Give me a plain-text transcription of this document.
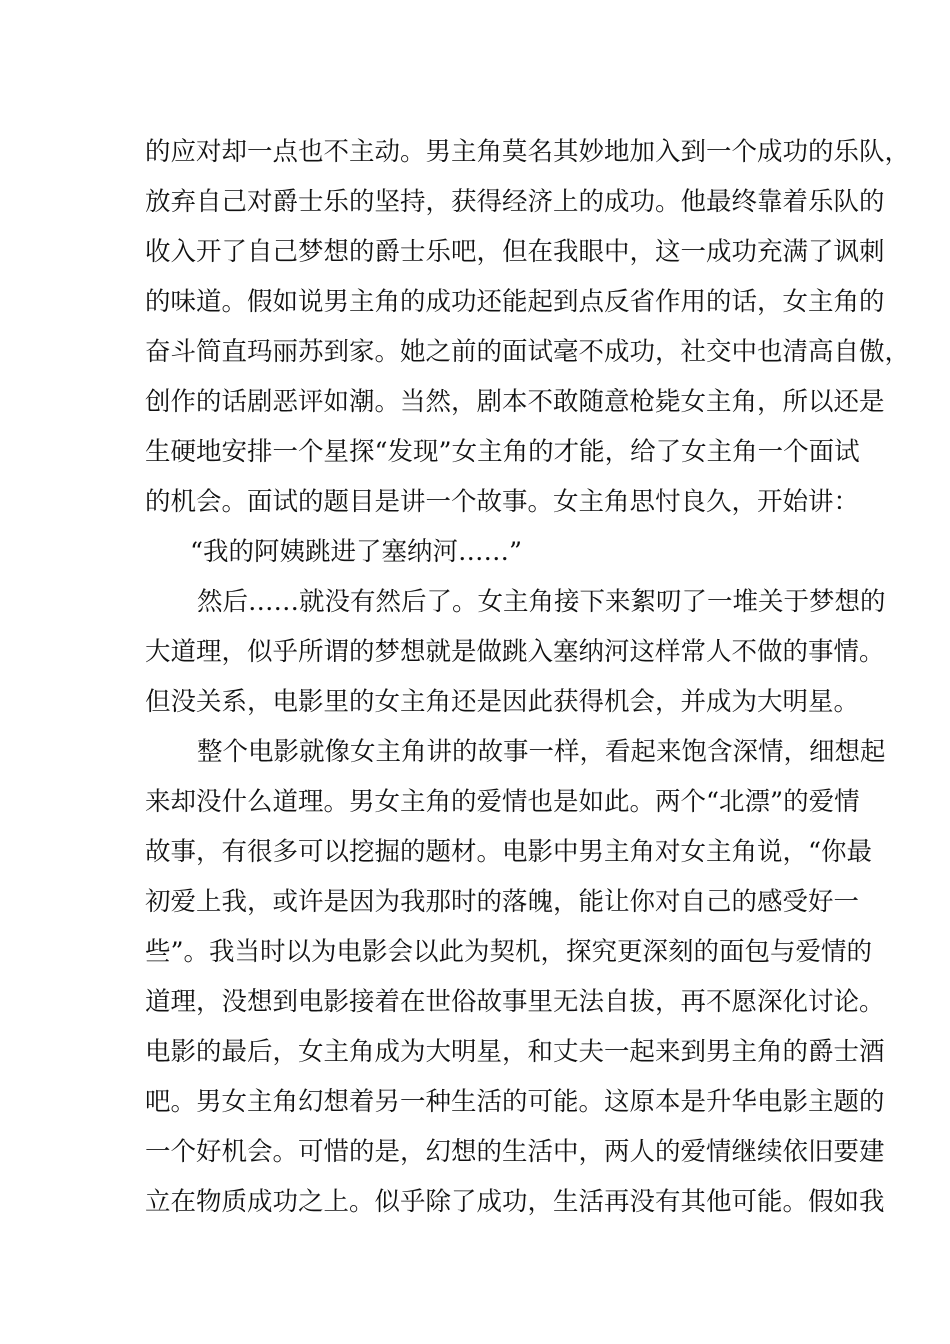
的应对却一点也不主动。男主角莫名其妙地加入到一个成功的乐队，
放弃自己对爵士乐的坚持，获得经济上的成功。他最终靠着乐队的
收入开了自己梦想的爵士乐吧，但在我眼中，这一成功充满了讽刺
的味道。假如说男主角的成功还能起到点反省作用的话，女主角的
奋斗简直玛丽苏到家。她之前的面试毫不成功，社交中也清高自傲，
创作的话剧恶评如潮。当然，剧本不敢随意枪毙女主角，所以还是
生硬地安排一个星探“发现”女主角的才能，给了女主角一个面试
的机会。面试的题目是讲一个故事。女主角思忖良久，开始讲：
“我的阿姨跳进了塞纳河……”
然后……就没有然后了。女主角接下来絮叨了一堆关于梦想的
大道理，似乎所谓的梦想就是做跳入塞纳河这样常人不做的事情。
但没关系，电影里的女主角还是因此获得机会，并成为大明星。
整个电影就像女主角讲的故事一样，看起来饱含深情，细想起
来却没什么道理。男女主角的爱情也是如此。两个“北漂”的爱情
故事，有很多可以挖掘的题材。电影中男主角对女主角说，“你最
初爱上我，或许是因为我那时的落魄，能让你对自己的感受好一
些”。我当时以为电影会以此为契机，探究更深刻的面包与爱情的
道理，没想到电影接着在世俗故事里无法自拔，再不愿深化讨论。
电影的最后，女主角成为大明星，和丈夫一起来到男主角的爵士酒
吧。男女主角幻想着另一种生活的可能。这原本是升华电影主题的
一个好机会。可惜的是，幻想的生活中，两人的爱情继续依旧要建
立在物质成功之上。似乎除了成功，生活再没有其他可能。假如我
